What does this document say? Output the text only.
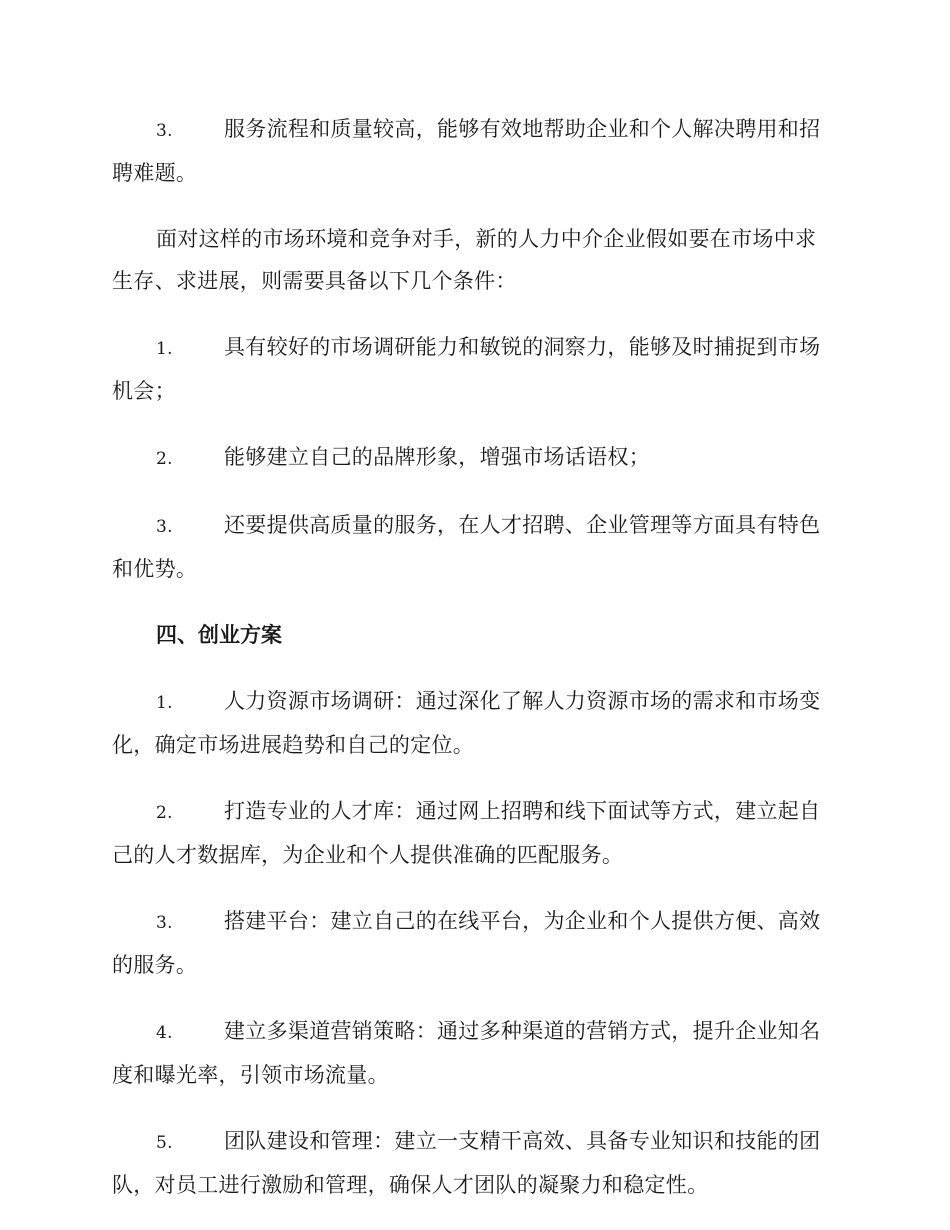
3. 服务流程和质量较高，能够有效地帮助企业和个人解决聘用和招聘难题。
面对这样的市场环境和竞争对手，新的人力中介企业假如要在市场中求生存、求进展，则需要具备以下几个条件：
1. 具有较好的市场调研能力和敏锐的洞察力，能够及时捕捉到市场机会；
2. 能够建立自己的品牌形象，增强市场话语权；
3. 还要提供高质量的服务，在人才招聘、企业管理等方面具有特色和优势。
四、创业方案
1. 人力资源市场调研：通过深化了解人力资源市场的需求和市场变化，确定市场进展趋势和自己的定位。
2. 打造专业的人才库：通过网上招聘和线下面试等方式，建立起自己的人才数据库，为企业和个人提供准确的匹配服务。
3. 搭建平台：建立自己的在线平台，为企业和个人提供方便、高效的服务。
4. 建立多渠道营销策略：通过多种渠道的营销方式，提升企业知名度和曝光率，引领市场流量。
5. 团队建设和管理：建立一支精干高效、具备专业知识和技能的团队，对员工进行激励和管理，确保人才团队的凝聚力和稳定性。
